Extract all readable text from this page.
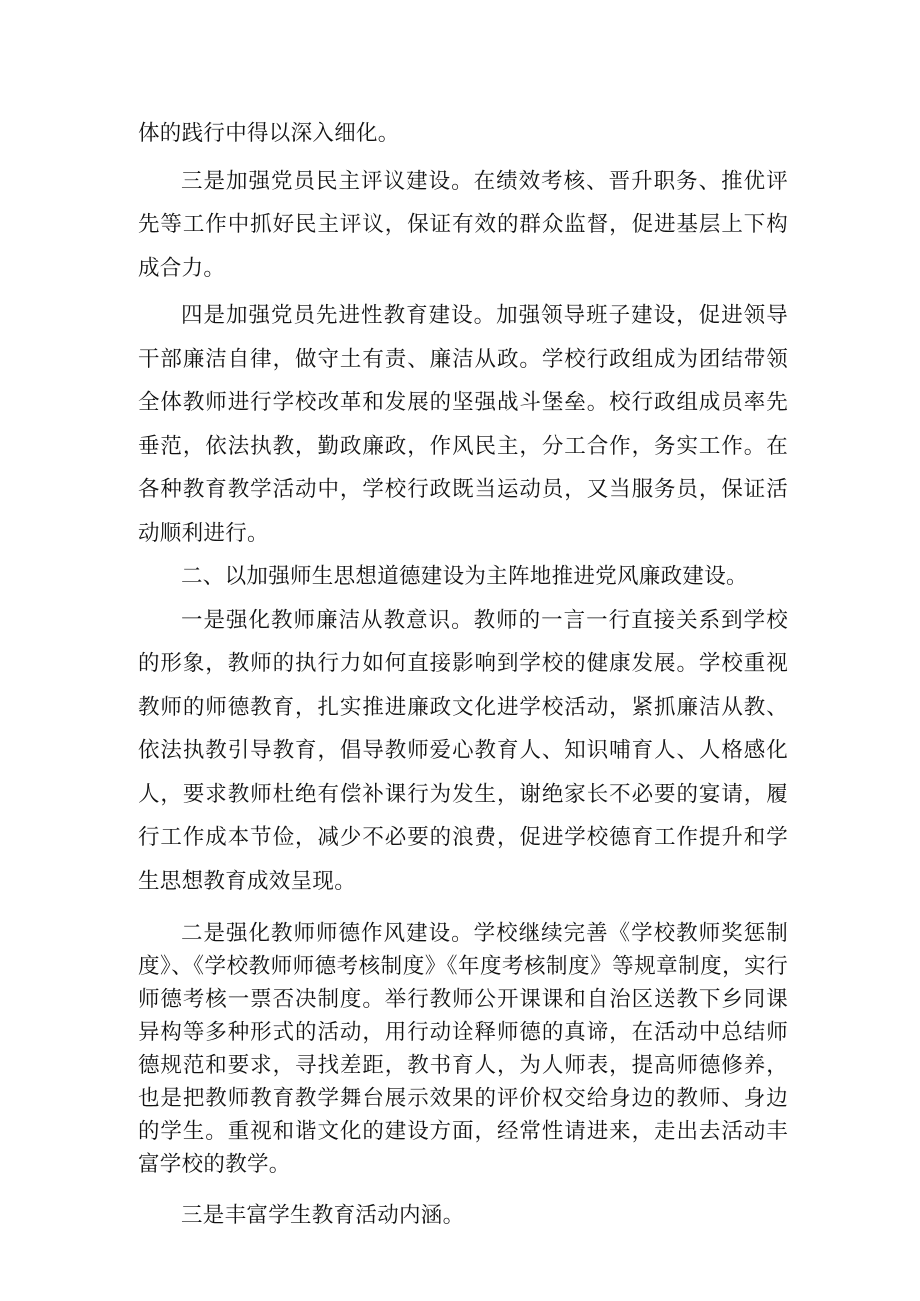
体的践行中得以深入细化。

三是加强党员民主评议建设。在绩效考核、晋升职务、推优评先等工作中抓好民主评议，保证有效的群众监督，促进基层上下构成合力。

四是加强党员先进性教育建设。加强领导班子建设，促进领导干部廉洁自律，做守土有责、廉洁从政。学校行政组成为团结带领全体教师进行学校改革和发展的坚强战斗堡垒。校行政组成员率先垂范，依法执教，勤政廉政，作风民主，分工合作，务实工作。在各种教育教学活动中，学校行政既当运动员，又当服务员，保证活动顺利进行。

二、以加强师生思想道德建设为主阵地推进党风廉政建设。

一是强化教师廉洁从教意识。教师的一言一行直接关系到学校的形象，教师的执行力如何直接影响到学校的健康发展。学校重视教师的师德教育，扎实推进廉政文化进学校活动，紧抓廉洁从教、依法执教引导教育，倡导教师爱心教育人、知识哺育人、人格感化人，要求教师杜绝有偿补课行为发生，谢绝家长不必要的宴请，履行工作成本节俭，减少不必要的浪费，促进学校德育工作提升和学生思想教育成效呈现。

二是强化教师师德作风建设。学校继续完善《学校教师奖惩制度》、《学校教师师德考核制度》《年度考核制度》等规章制度，实行师德考核一票否决制度。举行教师公开课课和自治区送教下乡同课异构等多种形式的活动，用行动诠释师德的真谛，在活动中总结师德规范和要求，寻找差距，教书育人，为人师表，提高师德修养，也是把教师教育教学舞台展示效果的评价权交给身边的教师、身边的学生。重视和谐文化的建设方面，经常性请进来，走出去活动丰富学校的教学。

三是丰富学生教育活动内涵。
